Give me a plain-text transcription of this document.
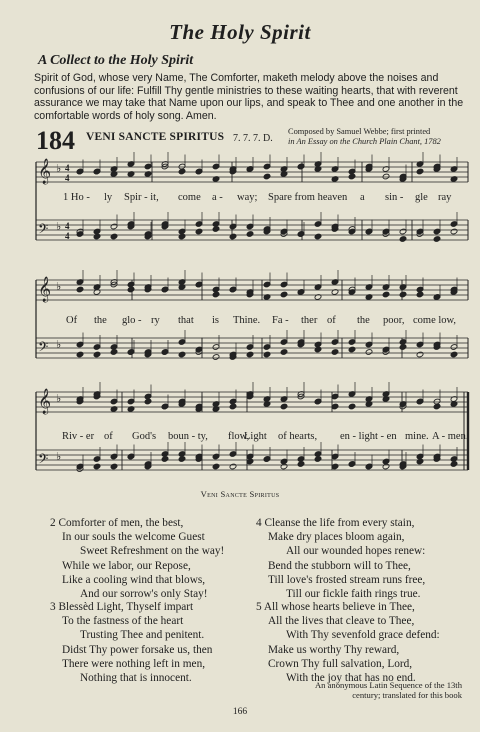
The Holy Spirit
A Collect to the Holy Spirit
Spirit of God, whose very Name, The Comforter, maketh melody above the noises and confusions of our life: Fulfill Thy gentle ministries to these waiting hearts, that with reverent assurance we may take that Name upon our lips, and speak to Thee and one another in the comfortable words of holy song. Amen.
184 VENI SANCTE SPIRITUS 7. 7. 7. D.
Composed by Samuel Webbe; first printed
in An Essay on the Church Plain Chant, 1782
𝄞 ♭ 4
4
𝄢 ♭ 4
4
𝄞 ♭
𝄢 ♭
𝄞 ♭
𝄢 ♭
1 Ho - ly Spir - it, come a - way; Spare from heaven a sin - gle ray
Of the glo - ry that is Thine. Fa - ther of the poor, come low,
Riv - er of God's boun - ty, flow,
Light of hearts, en - light - en mine. A - men.
Veni Sancte Spiritus
2 Comforter of men, the best,
In our souls the welcome Guest
Sweet Refreshment on the way!
While we labor, our Repose,
Like a cooling wind that blows,
And our sorrow's only Stay!
3 Blessèd Light, Thyself impart
To the fastness of the heart
Trusting Thee and penitent.
Didst Thy power forsake us, then
There were nothing left in men,
Nothing that is innocent.
4 Cleanse the life from every stain,
Make dry places bloom again,
All our wounded hopes renew:
Bend the stubborn will to Thee,
Till love's frosted stream runs free,
Till our fickle faith rings true.
5 All whose hearts believe in Thee,
All the lives that cleave to Thee,
With Thy sevenfold grace defend:
Make us worthy Thy reward,
Crown Thy full salvation, Lord,
With the joy that has no end.
An anonymous Latin Sequence of the 13th
century; translated for this book
166
